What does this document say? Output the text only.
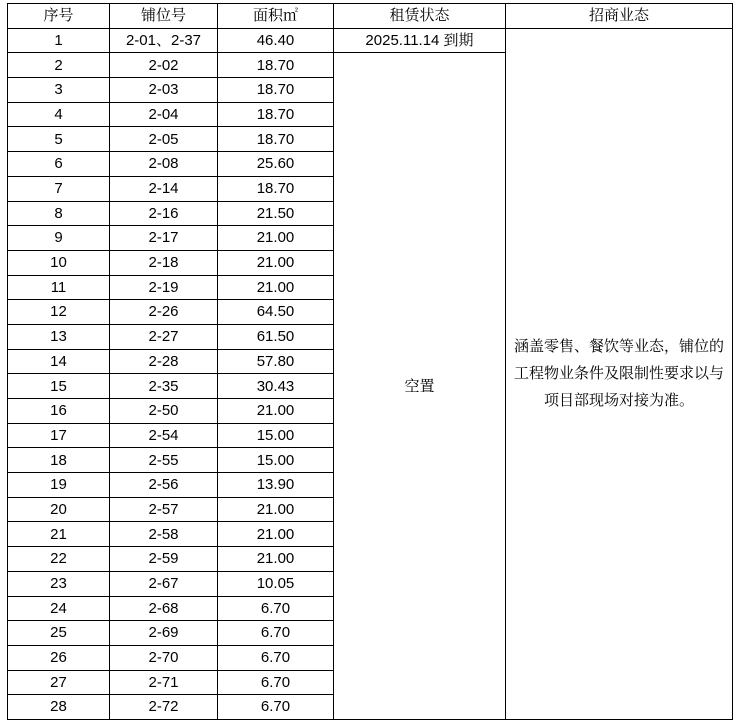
序号	铺位号	面积㎡	租赁状态	招商业态
1	2-01、2-37	46.40	2025.11.14 到期	涵盖零售、餐饮等业态，铺位的工程物业条件及限制性要求以与项目部现场对接为准。
2	2-02	18.70	空置	
3	2-03	18.70		
4	2-04	18.70		
5	2-05	18.70		
6	2-08	25.60		
7	2-14	18.70		
8	2-16	21.50		
9	2-17	21.00		
10	2-18	21.00		
11	2-19	21.00		
12	2-26	64.50		
13	2-27	61.50		
14	2-28	57.80		
15	2-35	30.43		
16	2-50	21.00		
17	2-54	15.00		
18	2-55	15.00		
19	2-56	13.90		
20	2-57	21.00		
21	2-58	21.00		
22	2-59	21.00		
23	2-67	10.05		
24	2-68	6.70		
25	2-69	6.70		
26	2-70	6.70		
27	2-71	6.70		
28	2-72	6.70		
